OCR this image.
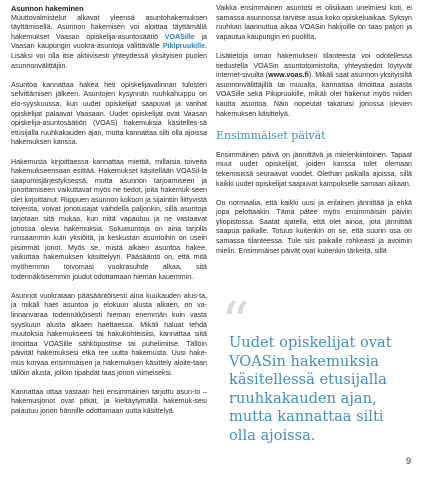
Asunnon hakeminen

Muuttovalmistelut alkavat yleensä asuntohakemuksen täyttämisellä. Asunnon hakemisen voi aloittaa täyttämällä hakemukset Vaasan opiskelija-asuntosäätiö VOASille ja Vaasan kaupungin vuokra-asuntoja välittävälle Pikipruukille. Lisäksi voi olla itse aktiivisesti yhteydessä yksityisen puolen asunnonvälittäjiin.

Asuntoa kannattaa hakea heti opiskelijavalinnan tulosten selvittämisen jälkeen. Asuntojen kysynnän ruuhkahuippu on elo-syyskuussa, kun uudet opiskelijat saapuvat ja vanhat opiskelijat palaavat Vaasaan. Uudet opiskelijat ovat Vaasan opiskelija-asuntosäätiön (VOAS) hakemuksia käsitelles-sä etusijalla ruuhkakauden ajan, mutta kannattaa silti olla ajoissa hakemuksen kanssa.

Hakemusta kirjoittaessa kannattaa miettiä, millaisia toiveita hakemukseensaan esittää. Hakemukset käsitellään VOASil-la saapumisjärjestyksessä, mutta asunnon tarjoamiseen ja jonottamiseen vaikuttavat myös ne tiedot, joita hakemuk-seen olet kirjoittanut. Riippuen asunnon kokoon ja sijaintiin liittyvistä toiveista, voivat jonotusajat vaihdella paljonkin, sillä asuntoja tarjotaan sitä mukaa, kun niitä vapautuu ja ne vastaavat jonossa olevia hakemuksia. Soluasuntoja on aina tarjolla runsaammin kuin yksiöitä, ja keskustan asuntoihin on usein pisimmät jonot. Myös se, mistä alkaen asuntoa hakee, vaikuttaa hakemuksen käsittelyyn. Pääsääntö on, että mitä myöhemmin toivomasi vuokrasuhde alkaa, sitä todennäköisemmin joudut odottamaan hieman kauemmin.

Asunnot vuokrataan pääsääntöisesti aina kuukauden alus-ta, ja mikäli haet asuntoa jo elokuun alusta alkaen, on va-linnanvaraa todennäköisesti hieman enemmän kuin vasta syyskuun alusta alkaen haettaessa. Mikäli haluat tehdä muutoksia hakemukseesi tai hakukohteisiisi, kannattaa siitä ilmoittaa VOASille sähköpostitse tai puhelimitse. Tällöin päivität hakemuksesi etkä tee uutta hakemusta. Uusi hake-mus korvaa ensimmäisen ja hakemuksen käsittely aloite-taan tällöin alusta, jolloin tipahdat taas jonon viimeiseksi.

Kannattaa ottaa vastaan heti ensimmäinen tarjottu asun-to – hakemusjonot ovat pitkät, ja kieltäytymällä hakemuk-sesi palautuu jonon hännille odottamaan uutta käsittelyä.

Vaikka ensimmäinen asuntosi ei olisikaan unelmiesi koti, ei samassa asunnossa tarvitse asua koko opiskeluaikaa. Syksyn ruuhkan laannuttua aikaa VOASin hakijoille on taas paljon ja vapautua kaupungin eri puolilta.

Lisätietoja oman hakemuksen tilanteesta voi odotellessa tiedustella VOASin asuntotoimistolta, yhteystiedot löytyvät internet-sivuilta (www.voas.fi). Mikäli saat asunnon yksityisiltä asunnonvälittäjiltä tai muualta, kannattaa ilmoittaa asiasta VOASille sekä Pikipruukille, mikäli olet hakenut myös niiden kautta asuntoa. Näin nopeutat takanasi jonossa olevien hakemuksen käsittelyä.

Ensimmäiset päivät

Ensimmäinen päivä on jännittävä ja mielenkiintoinen. Tapaat muut uudet opiskelijat, joiden kanssa tulet olemaan tekemisissä seuraavat vuodet. Olethan paikalla ajoissa, sillä kaikki uudet opiskelijat saapuvat kampukselle samaan aikaan.

On normaalia, että kaikki uusi ja erilainen jännittää ja ehkä jopa pelottaakin. Tämä pätee myös ensimmäisiin päiviin yliopistossa. Saatat ajatella, että olet ainoa, jota jännittää saapua paikalle. Totuus kuitenkin on se, että suurin osa on samassa tilanteessa. Tule siis paikalle rohkeasti ja avoimin mielin. Ensimmäiset päivät ovat kuitenkin tärkeitä, sillä

“
Uudet opiskelijat ovat VOASin hakemuksia käsitellessä etusijalla ruuhkakauden ajan, mutta kannattaa silti olla ajoissa.
9
